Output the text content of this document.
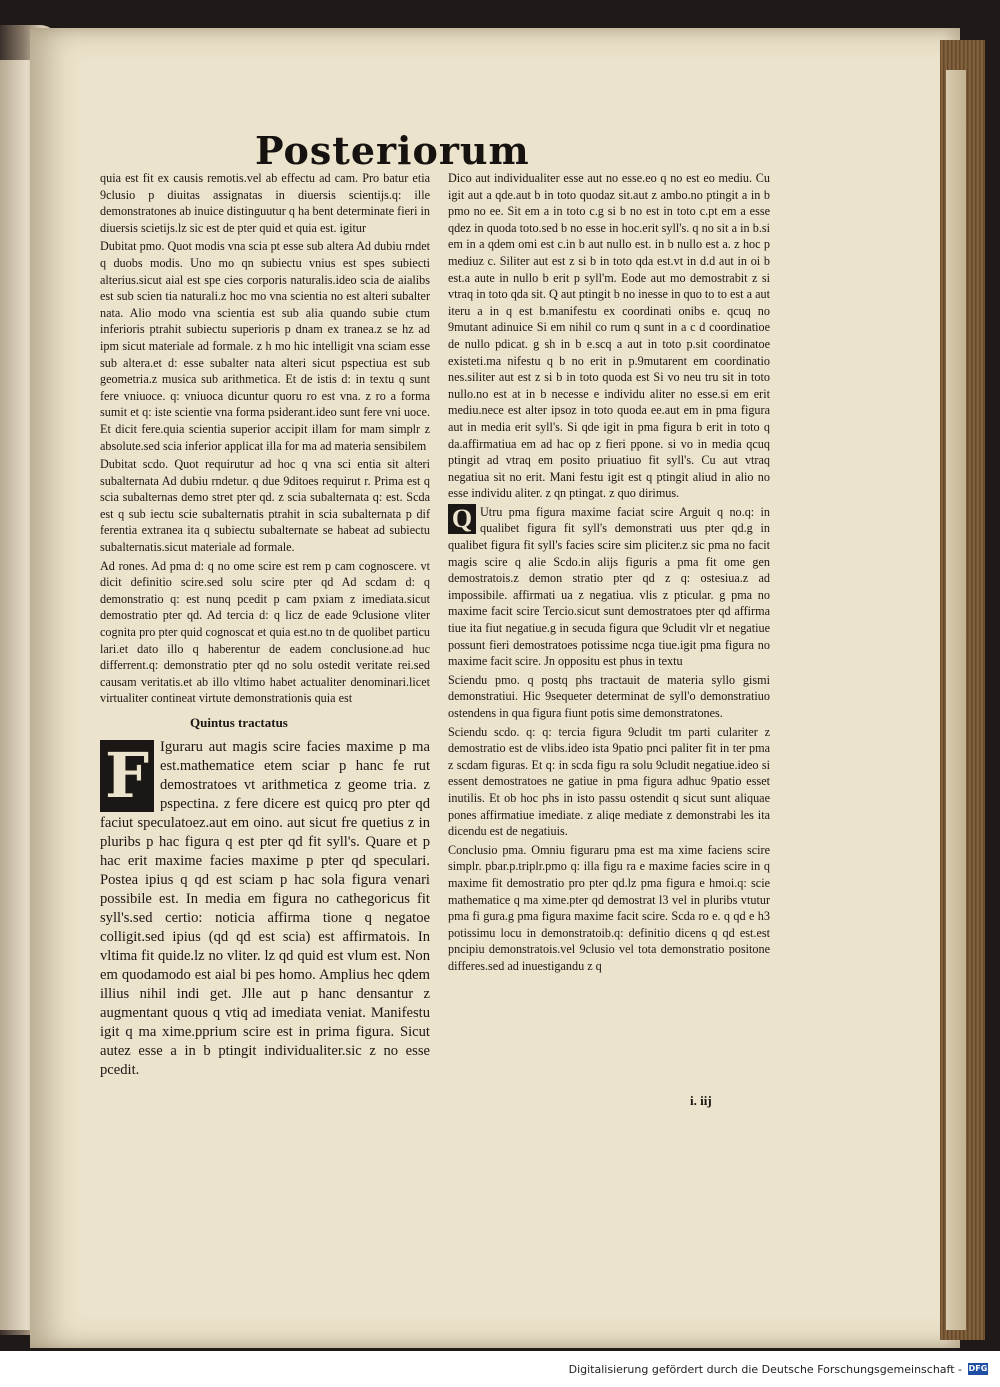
Posteriorum

quia est fit ex causis remotis.vel ab effectu ad cam. Pro batur etia 9clusio p diuitas assignatas in diuersis scientijs.q: ille demonstratones ab inuice distinguutur q ha bent determinate fieri in diuersis scietijs.lz sic est de pter quid et quia est. igitur

Dubitat pmo. Quot modis vna scia pt esse sub altera Ad dubiu rndet q duobs modis. Uno mo qn subiectu vnius est spes subiecti alterius.sicut aial est spe cies corporis naturalis.ideo scia de aialibs est sub scien tia naturali.z hoc mo vna scientia no est alteri subalter nata. Alio modo vna scientia est sub alia quando subie ctum inferioris ptrahit subiectu superioris p dnam ex tranea.z se hz ad ipm sicut materiale ad formale. z h mo hic intelligit vna sciam esse sub altera.et d: esse subalter nata alteri sicut pspectiua est sub geometria.z musica sub arithmetica. Et de istis d: in textu q sunt fere vniuoce. q: vniuoca dicuntur quoru ro est vna. z ro a forma sumit et q: iste scientie vna forma psiderant.ideo sunt fere vni uoce. Et dicit fere.quia scientia superior accipit illam for mam simplr z absolute.sed scia inferior applicat illa for ma ad materia sensibilem

Dubitat scdo. Quot requirutur ad hoc q vna sci entia sit alteri subalternata Ad dubiu rndetur. q due 9ditoes requirut r. Prima est q scia subalternas demo stret pter qd. z scia subalternata q: est. Scda est q sub iectu scie subalternatis ptrahit in scia subalternata p dif ferentia extranea ita q subiectu subalternate se habeat ad subiectu subalternatis.sicut materiale ad formale.

Ad rones. Ad pma d: q no ome scire est rem p cam cognoscere. vt dicit definitio scire.sed solu scire pter qd Ad scdam d: q demonstratio q: est nunq pcedit p cam pxiam z imediata.sicut demostratio pter qd. Ad tercia d: q licz de eade 9clusione vliter cognita pro pter quid cognoscat et quia est.no tn de quolibet particu lari.et dato illo q haberentur de eadem conclusione.ad huc differrent.q: demonstratio pter qd no solu ostedit veritate rei.sed causam veritatis.et ab illo vltimo habet actualiter denominari.licet virtualiter contineat virtute demonstrationis quia est

Quintus tractatus

F Iguraru aut magis scire facies maxime p ma est.mathematice etem sciar p hanc fe rut demostratoes vt arithmetica z geome tria. z pspectina. z fere dicere est quicq pro pter qd faciut speculatoez.aut em oino. aut sicut fre quetius z in pluribs p hac figura q est pter qd fit syll's. Quare et p hac erit maxime facies maxime p pter qd speculari. Postea ipius q qd est sciam p hac sola figura venari possibile est. In media em figura no cathegoricus fit syll's.sed certio: noticia affirma tione q negatoe colligit.sed ipius (qd qd est scia) est affirmatois. In vltima fit quide.lz no vliter. lz qd quid est vlum est. Non em quodamodo est aial bi pes homo. Amplius hec qdem illius nihil indi get. Jlle aut p hanc densantur z augmentant quous q vtiq ad imediata veniat. Manifestu igit q ma xime.pprium scire est in prima figura. Sicut autez esse a in b ptingit individualiter.sic z no esse pcedit.

Dico aut individualiter esse aut no esse.eo q no est eo mediu. Cu igit aut a qde.aut b in toto quodaz sit.aut z ambo.no ptingit a in b pmo no ee. Sit em a in toto c.g si b no est in toto c.pt em a esse qdez in quoda toto.sed b no esse in hoc.erit syll's. q no sit a in b.si em in a qdem omi est c.in b aut nullo est. in b nullo est a. z hoc p mediuz c. Siliter aut est z si b in toto qda est.vt in d.d aut in oi b est.a aute in nullo b erit p syll'm. Eode aut mo demostrabit z si vtraq in toto qda sit. Q aut ptingit b no inesse in quo to to est a aut iteru a in q est b.manifestu ex coordinati onibs e. qcuq no 9mutant adinuice Si em nihil co rum q sunt in a c d coordinatioe de nullo pdicat. g sh in b e.scq a aut in toto p.sit coordinatoe existeti.ma nifestu q b no erit in p.9mutarent em coordinatio nes.siliter aut est z si b in toto quoda est Si vo neu tru sit in toto nullo.no est at in b necesse e individu aliter no esse.si em erit mediu.nece est alter ipsoz in toto quoda ee.aut em in pma figura aut in media erit syll's. Si qde igit in pma figura b erit in toto q da.affirmatiua em ad hac op z fieri ppone. si vo in media qcuq ptingit ad vtraq em posito priuatiuo fit syll's. Cu aut vtraq negatiua sit no erit. Mani festu igit est q ptingit aliud in alio no esse individu aliter. z qn ptingat. z quo dirimus.

Q Utru pma figura maxime faciat scire Arguit q no.q: in qualibet figura fit syll's demonstrati uus pter qd.g in qualibet figura fit syll's facies scire sim pliciter.z sic pma no facit magis scire q alie Scdo.in alijs figuris a pma fit ome gen demostratois.z demon stratio pter qd z q: ostesiua.z ad impossibile. affirmati ua z negatiua. vlis z pticular. g pma no maxime facit scire Tercio.sicut sunt demostratoes pter qd affirma tiue ita fiut negatiue.g in secuda figura que 9cludit vlr et negatiue possunt fieri demostratoes potissime ncga tiue.igit pma figura no maxime facit scire. Jn oppositu est phus in textu

Sciendu pmo. q postq phs tractauit de materia syllo gismi demonstratiui. Hic 9sequeter determinat de syll'o demonstratiuo ostendens in qua figura fiunt potis sime demonstratones.

Sciendu scdo. q: q: tercia figura 9cludit tm parti culariter z demostratio est de vlibs.ideo ista 9patio pnci paliter fit in ter pma z scdam figuras. Et q: in scda figu ra solu 9cludit negatiue.ideo si essent demostratoes ne gatiue in pma figura adhuc 9patio esset inutilis. Et ob hoc phs in isto passu ostendit q sicut sunt aliquae pones affirmatiue imediate. z aliqe mediate z demonstrabi les ita dicendu est de negatiuis.

Conclusio pma. Omniu figuraru pma est ma xime faciens scire simplr. pbar.p.triplr.pmo q: illa figu ra e maxime facies scire in q maxime fit demostratio pro pter qd.lz pma figura e hmoi.q: scie mathematice q ma xime.pter qd demostrat l3 vel in pluribs vtutur pma fi gura.g pma figura maxime facit scire. Scda ro e. q qd e h3 potissimu locu in demonstratoib.q: definitio dicens q qd est.est pncipiu demonstratois.vel 9clusio vel tota demonstratio positone differes.sed ad inuestigandu z q

i. iij
Digitalisierung gefördert durch die Deutsche Forschungsgemeinschaft - DFG
